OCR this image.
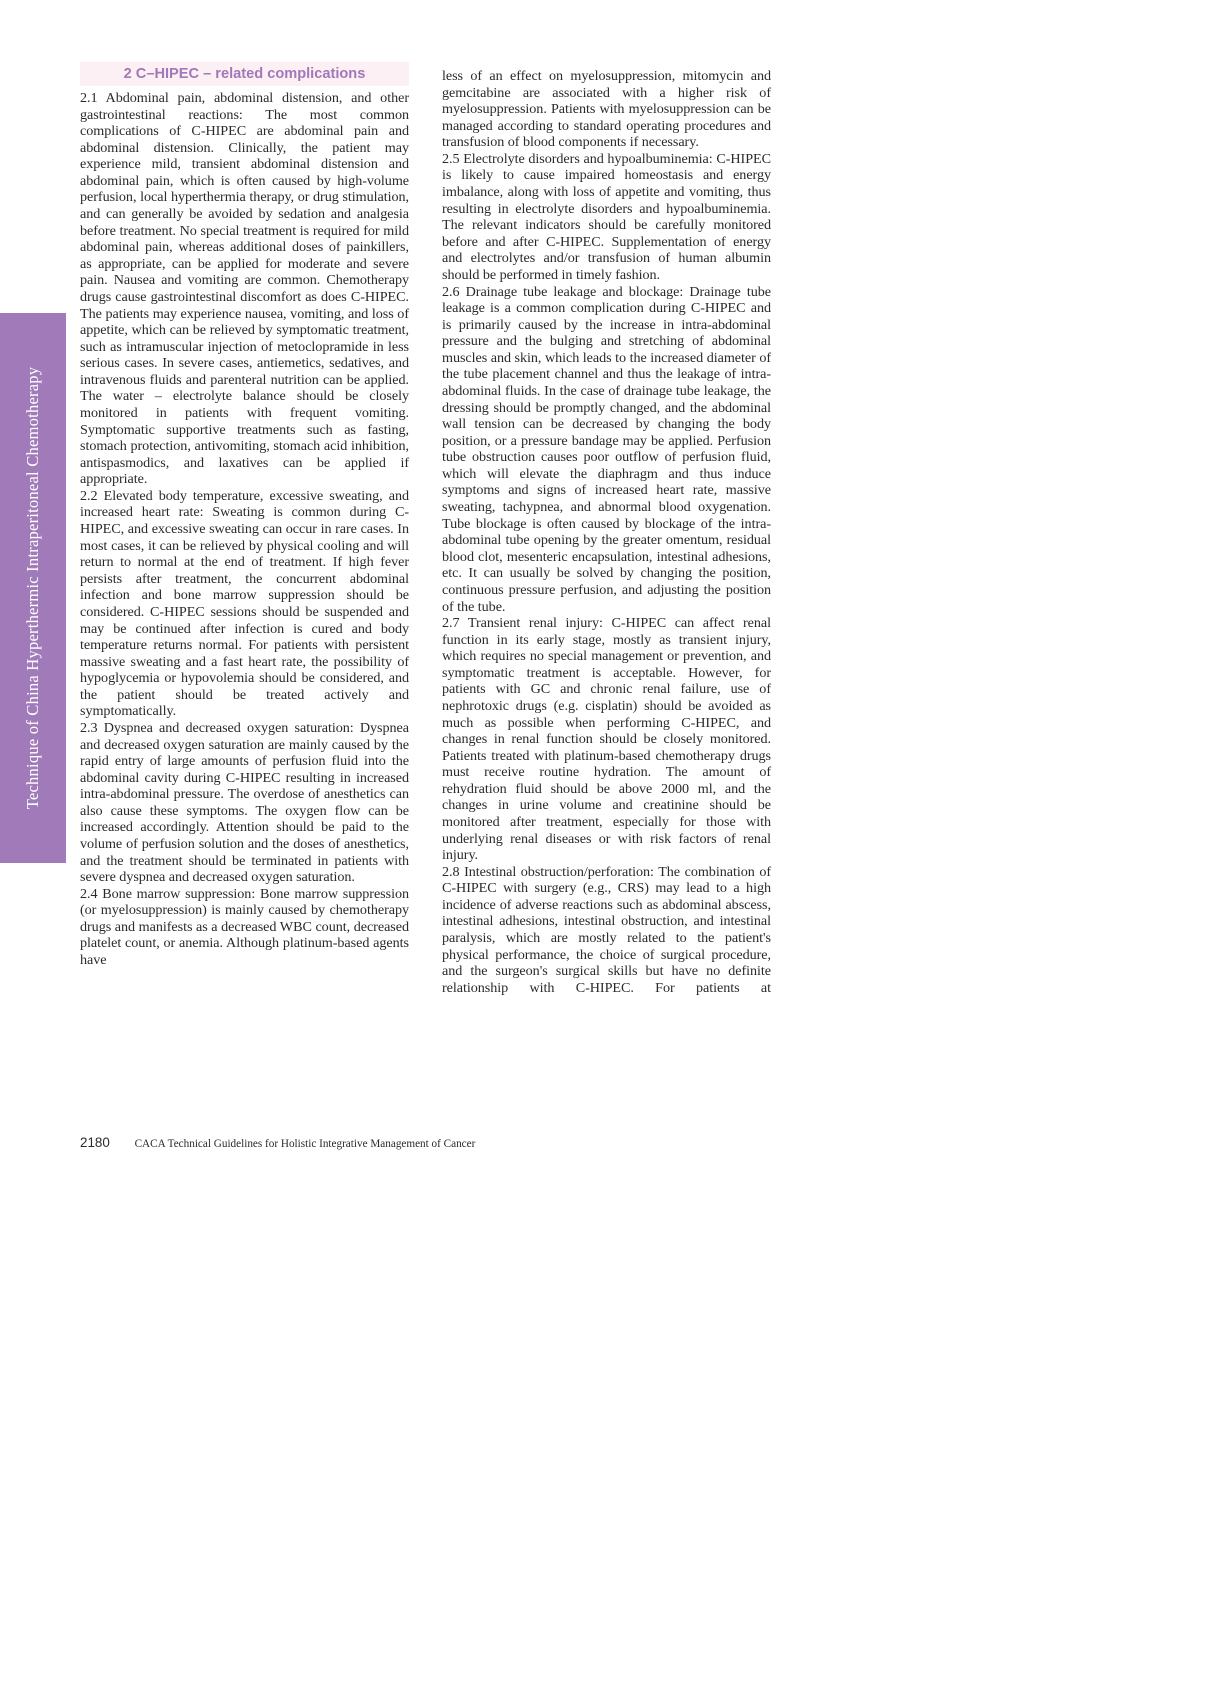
Technique of China Hyperthermic Intraperitoneal Chemotherapy
2 C–HIPEC – related complications

2.1 Abdominal pain, abdominal distension, and other gastrointestinal reactions: The most common complications of C-HIPEC are abdominal pain and abdominal distension. Clinically, the patient may experience mild, transient abdominal distension and abdominal pain, which is often caused by high-volume perfusion, local hyperthermia therapy, or drug stimulation, and can generally be avoided by sedation and analgesia before treatment. No special treatment is required for mild abdominal pain, whereas additional doses of painkillers, as appropriate, can be applied for moderate and severe pain. Nausea and vomiting are common. Chemotherapy drugs cause gastrointestinal discomfort as does C-HIPEC. The patients may experience nausea, vomiting, and loss of appetite, which can be relieved by symptomatic treatment, such as intramuscular injection of metoclopramide in less serious cases. In severe cases, antiemetics, sedatives, and intravenous fluids and parenteral nutrition can be applied. The water – electrolyte balance should be closely monitored in patients with frequent vomiting. Symptomatic supportive treatments such as fasting, stomach protection, antivomiting, stomach acid inhibition, antispasmodics, and laxatives can be applied if appropriate.

2.2 Elevated body temperature, excessive sweating, and increased heart rate: Sweating is common during C-HIPEC, and excessive sweating can occur in rare cases. In most cases, it can be relieved by physical cooling and will return to normal at the end of treatment. If high fever persists after treatment, the concurrent abdominal infection and bone marrow suppression should be considered. C-HIPEC sessions should be suspended and may be continued after infection is cured and body temperature returns normal. For patients with persistent massive sweating and a fast heart rate, the possibility of hypoglycemia or hypovolemia should be considered, and the patient should be treated actively and symptomatically.

2.3 Dyspnea and decreased oxygen saturation: Dyspnea and decreased oxygen saturation are mainly caused by the rapid entry of large amounts of perfusion fluid into the abdominal cavity during C-HIPEC resulting in increased intra-abdominal pressure. The overdose of anesthetics can also cause these symptoms. The oxygen flow can be increased accordingly. Attention should be paid to the volume of perfusion solution and the doses of anesthetics, and the treatment should be terminated in patients with severe dyspnea and decreased oxygen saturation.

2.4 Bone marrow suppression: Bone marrow suppression (or myelosuppression) is mainly caused by chemotherapy drugs and manifests as a decreased WBC count, decreased platelet count, or anemia. Although platinum-based agents have

less of an effect on myelosuppression, mitomycin and gemcitabine are associated with a higher risk of myelosuppression. Patients with myelosuppression can be managed according to standard operating procedures and transfusion of blood components if necessary.

2.5 Electrolyte disorders and hypoalbuminemia: C-HIPEC is likely to cause impaired homeostasis and energy imbalance, along with loss of appetite and vomiting, thus resulting in electrolyte disorders and hypoalbuminemia. The relevant indicators should be carefully monitored before and after C-HIPEC. Supplementation of energy and electrolytes and/or transfusion of human albumin should be performed in timely fashion.

2.6 Drainage tube leakage and blockage: Drainage tube leakage is a common complication during C-HIPEC and is primarily caused by the increase in intra-abdominal pressure and the bulging and stretching of abdominal muscles and skin, which leads to the increased diameter of the tube placement channel and thus the leakage of intra-abdominal fluids. In the case of drainage tube leakage, the dressing should be promptly changed, and the abdominal wall tension can be decreased by changing the body position, or a pressure bandage may be applied. Perfusion tube obstruction causes poor outflow of perfusion fluid, which will elevate the diaphragm and thus induce symptoms and signs of increased heart rate, massive sweating, tachypnea, and abnormal blood oxygenation. Tube blockage is often caused by blockage of the intra-abdominal tube opening by the greater omentum, residual blood clot, mesenteric encapsulation, intestinal adhesions, etc. It can usually be solved by changing the position, continuous pressure perfusion, and adjusting the position of the tube.

2.7 Transient renal injury: C-HIPEC can affect renal function in its early stage, mostly as transient injury, which requires no special management or prevention, and symptomatic treatment is acceptable. However, for patients with GC and chronic renal failure, use of nephrotoxic drugs (e.g. cisplatin) should be avoided as much as possible when performing C-HIPEC, and changes in renal function should be closely monitored. Patients treated with platinum-based chemotherapy drugs must receive routine hydration. The amount of rehydration fluid should be above 2000 ml, and the changes in urine volume and creatinine should be monitored after treatment, especially for those with underlying renal diseases or with risk factors of renal injury.

2.8 Intestinal obstruction/perforation: The combination of C-HIPEC with surgery (e.g., CRS) may lead to a high incidence of adverse reactions such as abdominal abscess, intestinal adhesions, intestinal obstruction, and intestinal paralysis, which are mostly related to the patient's physical performance, the choice of surgical procedure, and the surgeon's surgical skills but have no definite relationship with C-HIPEC. For patients at

2180 CACA Technical Guidelines for Holistic Integrative Management of Cancer
